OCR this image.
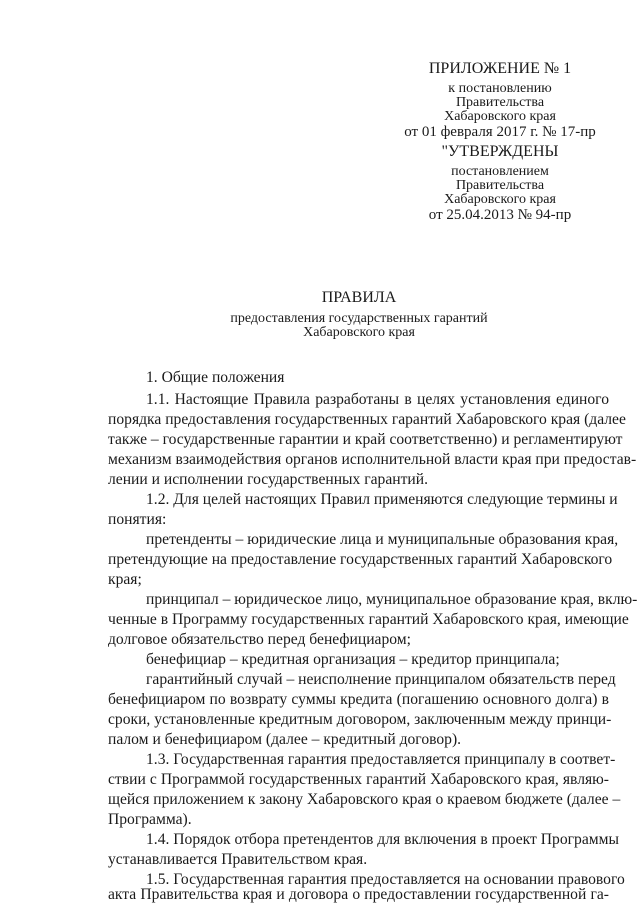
ПРИЛОЖЕНИЕ № 1
к постановлению
Правительства
Хабаровского края
от 01 февраля 2017 г. № 17-пр
"УТВЕРЖДЕНЫ
постановлением
Правительства
Хабаровского края
от 25.04.2013 № 94-пр
ПРАВИЛА
предоставления государственных гарантий
Хабаровского края
1. Общие положения
1.1. Настоящие Правила разработаны в целях установления единого
порядка предоставления государственных гарантий Хабаровского края (далее
также – государственные гарантии и край соответственно) и регламентируют
механизм взаимодействия органов исполнительной власти края при предостав-
лении и исполнении государственных гарантий.
1.2. Для целей настоящих Правил применяются следующие термины и
понятия:
претенденты – юридические лица и муниципальные образования края,
претендующие на предоставление государственных гарантий Хабаровского
края;
принципал – юридическое лицо, муниципальное образование края, вклю-
ченные в Программу государственных гарантий Хабаровского края, имеющие
долговое обязательство перед бенефициаром;
бенефициар – кредитная организация – кредитор принципала;
гарантийный случай – неисполнение принципалом обязательств перед
бенефициаром по возврату суммы кредита (погашению основного долга) в
сроки, установленные кредитным договором, заключенным между принци-
палом и бенефициаром (далее – кредитный договор).
1.3. Государственная гарантия предоставляется принципалу в соответ-
ствии с Программой государственных гарантий Хабаровского края, являю-
щейся приложением к закону Хабаровского края о краевом бюджете (далее –
Программа).
1.4. Порядок отбора претендентов для включения в проект Программы
устанавливается Правительством края.
1.5. Государственная гарантия предоставляется на основании правового
акта Правительства края и договора о предоставлении государственной га-
